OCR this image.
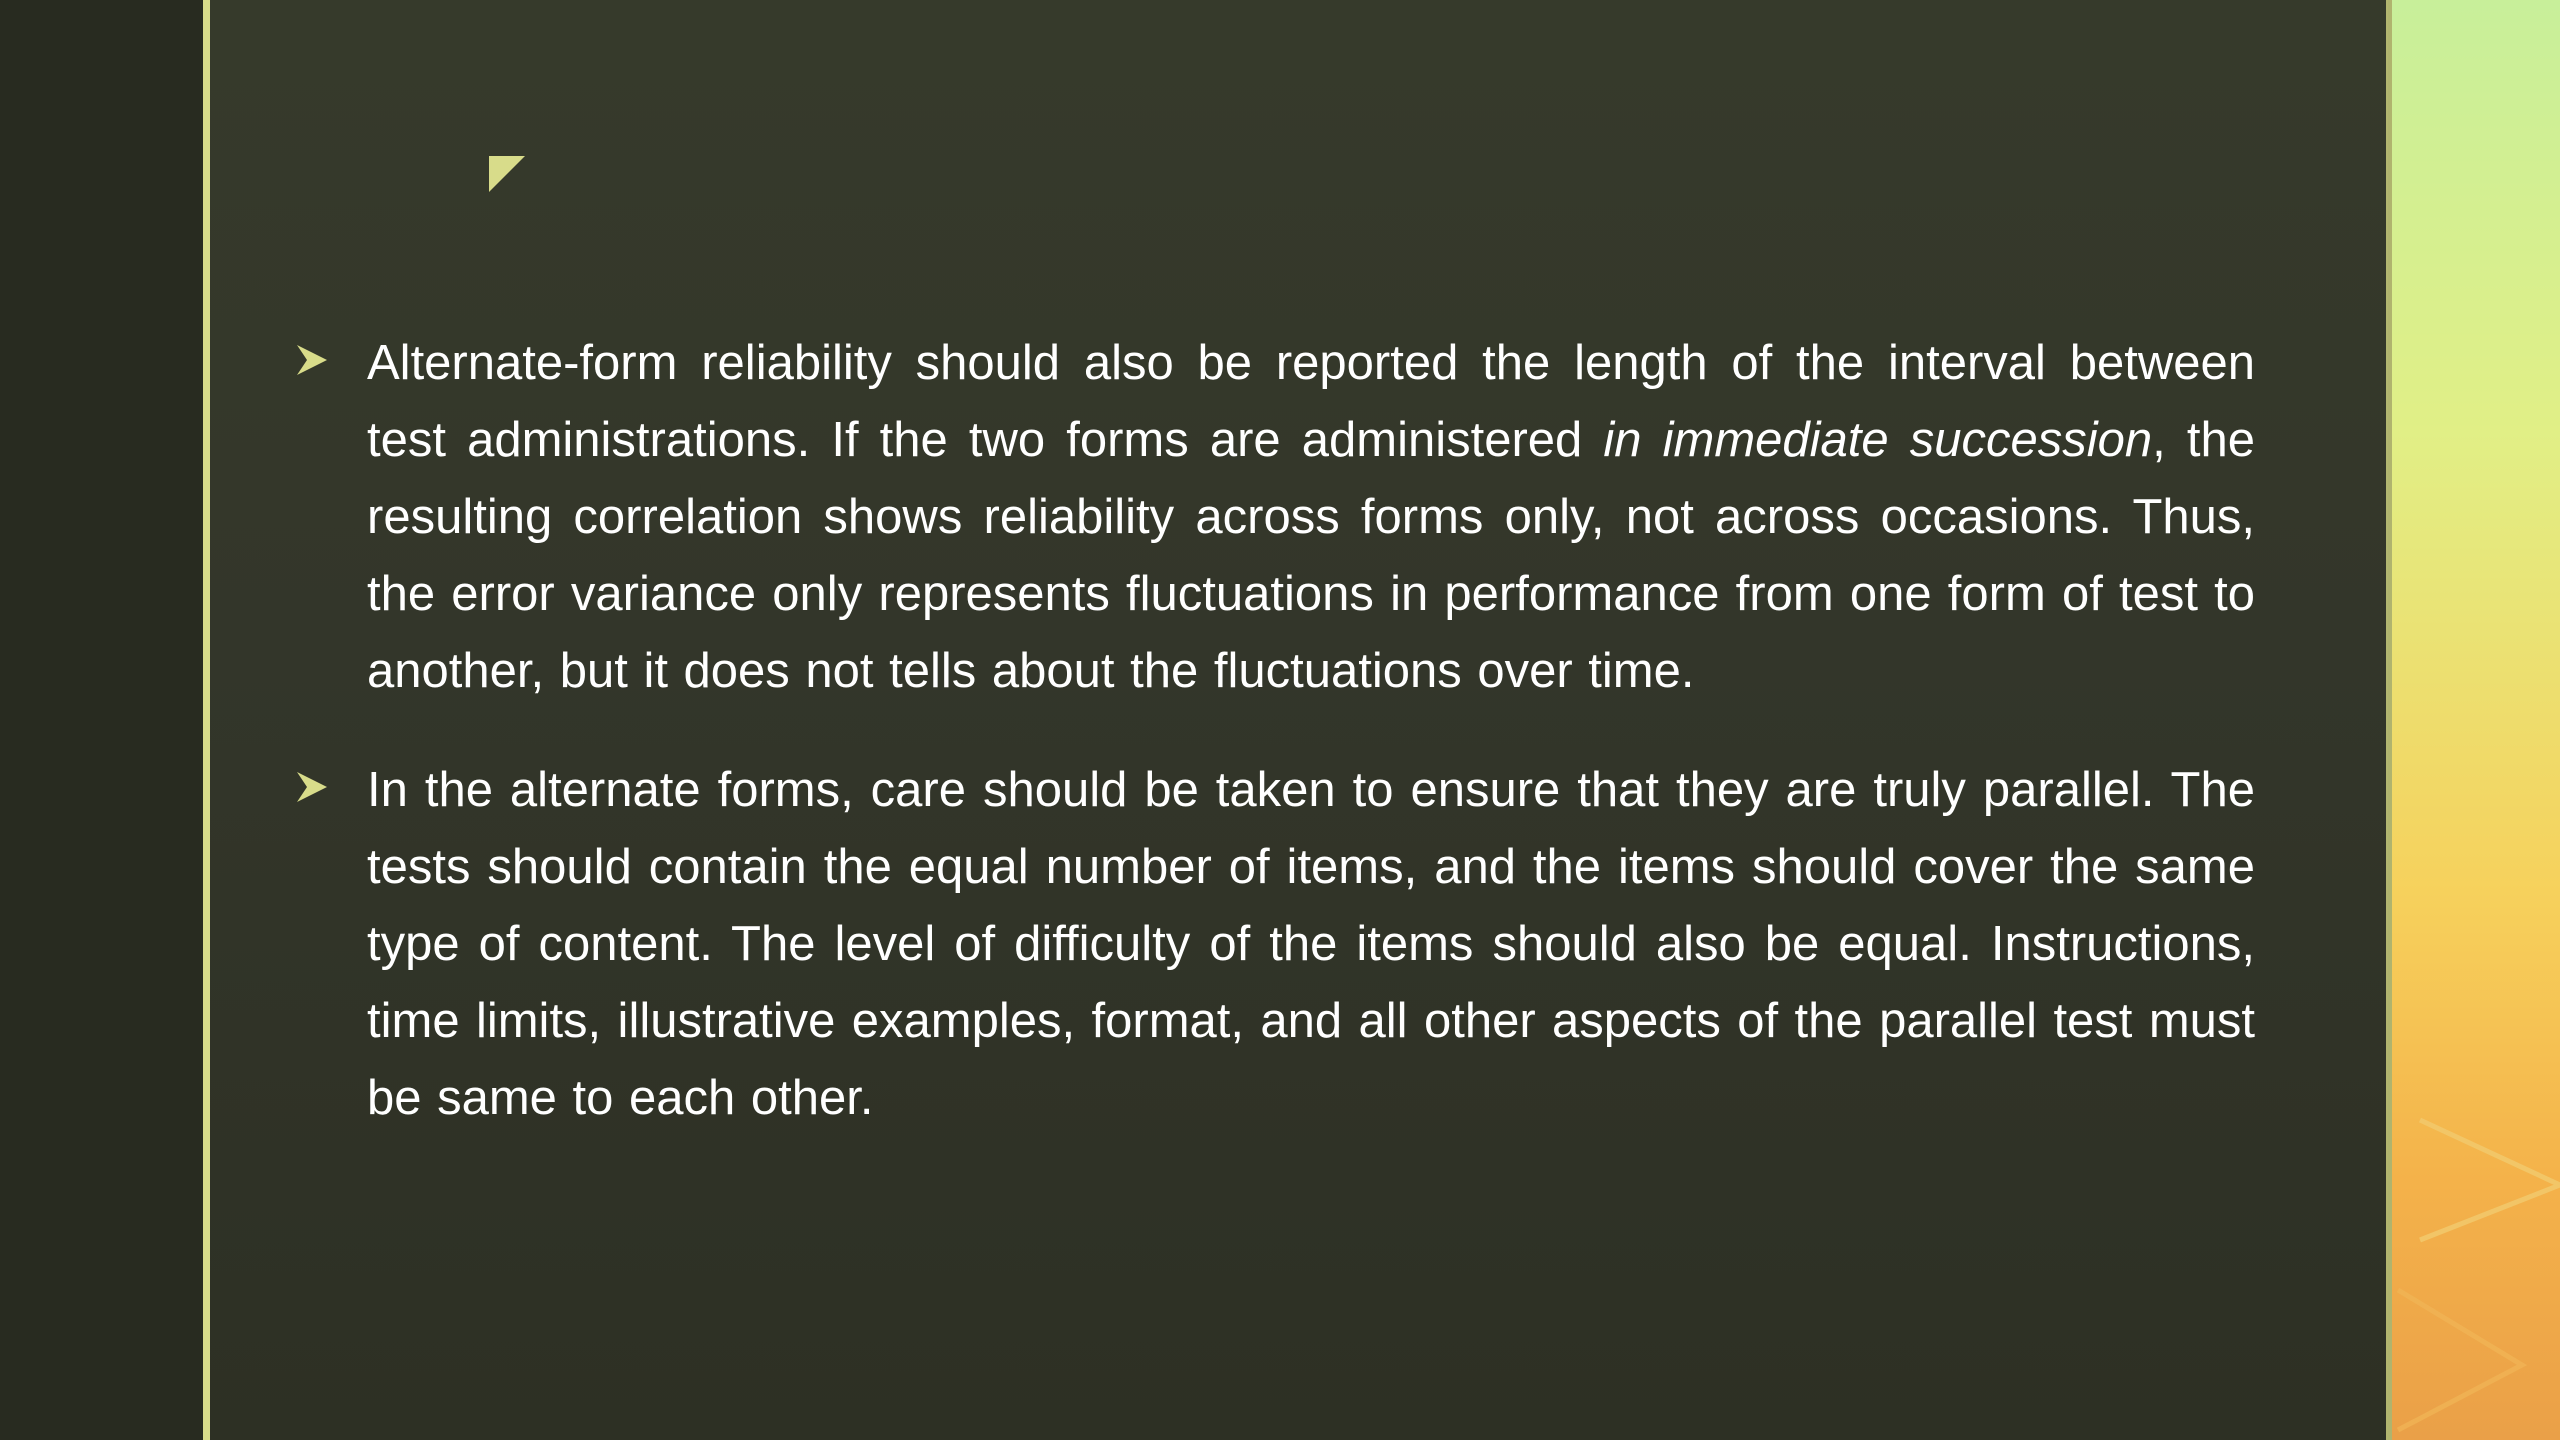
Alternate-form reliability should also be reported the length of the interval between test administrations. If the two forms are administered in immediate succession, the resulting correlation shows reliability across forms only, not across occasions. Thus, the error variance only represents fluctuations in performance from one form of test to another, but it does not tells about the fluctuations over time.
In the alternate forms, care should be taken to ensure that they are truly parallel. The tests should contain the equal number of items, and the items should cover the same type of content. The level of difficulty of the items should also be equal. Instructions, time limits, illustrative examples, format, and all other aspects of the parallel test must be same to each other.
